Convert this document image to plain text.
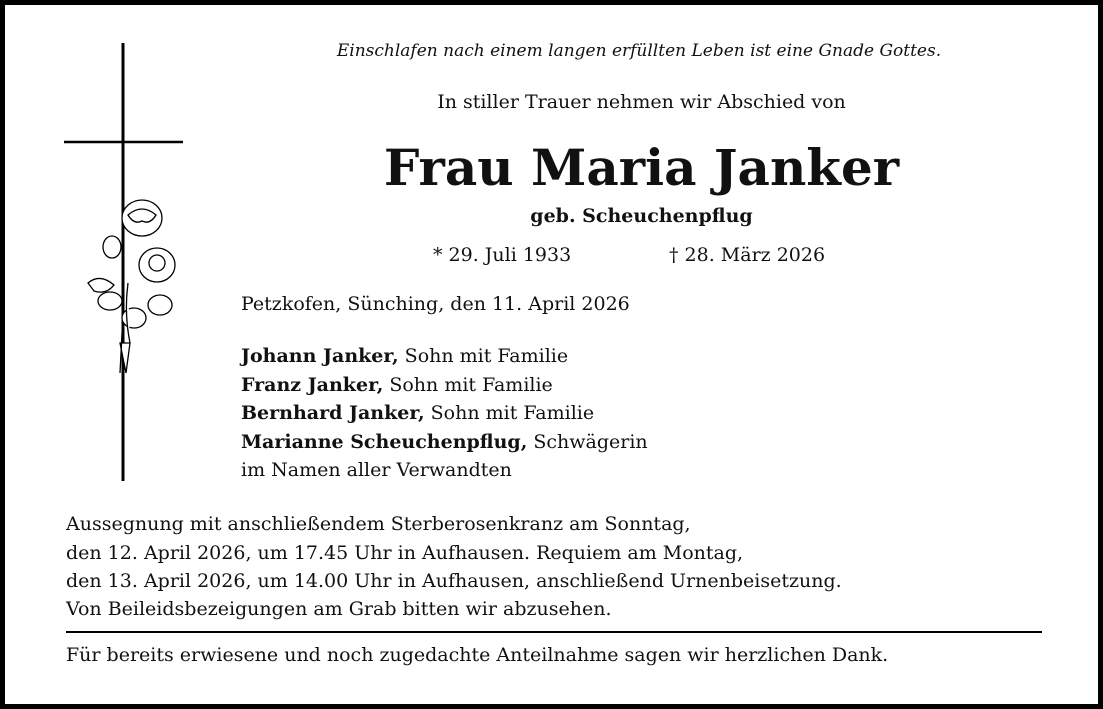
Einschlafen nach einem langen erfüllten Leben ist eine Gnade Gottes.
In stiller Trauer nehmen wir Abschied von
Frau Maria Janker
geb. Scheuchenpflug
* 29. Juli 1933	† 28. März 2026
Petzkofen, Sünching, den 11. April 2026
Johann Janker, Sohn mit Familie
Franz Janker, Sohn mit Familie
Bernhard Janker, Sohn mit Familie
Marianne Scheuchenpflug, Schwägerin
im Namen aller Verwandten
Aussegnung mit anschließendem Sterberosenkranz am Sonntag,
den 12. April 2026, um 17.45 Uhr in Aufhausen. Requiem am Montag,
den 13. April 2026, um 14.00 Uhr in Aufhausen, anschließend Urnenbeisetzung.
Von Beileidsbezeigungen am Grab bitten wir abzusehen.
Für bereits erwiesene und noch zugedachte Anteilnahme sagen wir herzlichen Dank.
